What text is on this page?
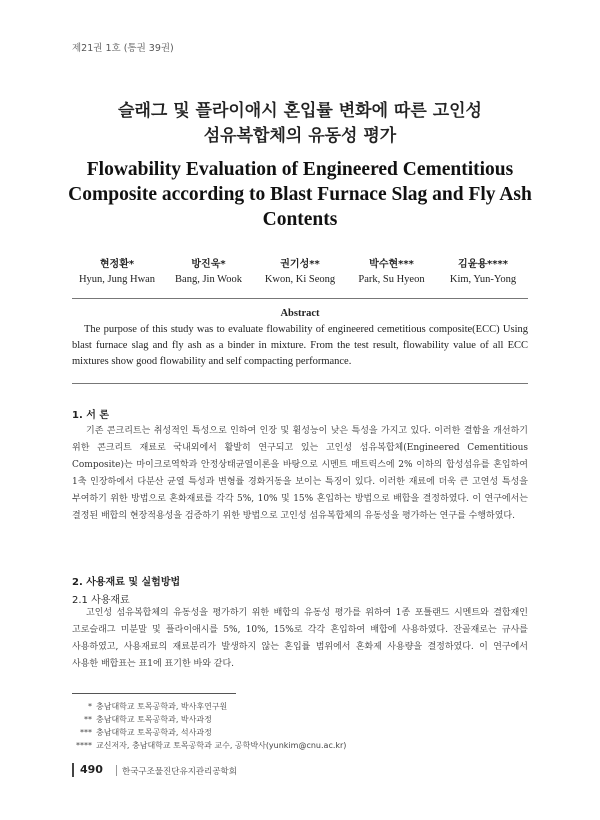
제21권 1호 (통권 39권)
슬래그 및 플라이애시 혼입률 변화에 따른 고인성
섬유복합체의 유동성 평가
Flowability Evaluation of Engineered Cementitious
Composite according to Blast Furnace Slag and Fly Ash
Contents
현정환*
Hyun, Jung Hwan
방진욱*
Bang, Jin Wook
권기성**
Kwon, Ki Seong
박수현***
Park, Su Hyeon
김윤용****
Kim, Yun-Yong
Abstract
The purpose of this study was to evaluate flowability of engineered cemetitious composite(ECC) Using blast furnace slag and fly ash as a binder in mixture. From the test result, flowability value of all ECC mixtures show good flowability and self compacting performance.
1. 서 론
기존 콘크리트는 취성적인 특성으로 인하여 인장 및 휨성능이 낮은 특성을 가지고 있다. 이러한 결함을 개선하기 위한 콘크리트 재료로 국내외에서 활발히 연구되고 있는 고인성 섬유복합체(Engineered Cementitious Composite)는 마이크로역학과 안정상태균열이론을 바탕으로 시멘트 매트릭스에 2% 이하의 합성섬유를 혼입하여 1축 인장하에서 다분산 균열 특성과 변형률 경화거동을 보이는 특징이 있다. 이러한 재료에 더욱 큰 고연성 특성을 부여하기 위한 방법으로 혼화재료를 각각 5%, 10% 및 15% 혼입하는 방법으로 배합을 결정하였다. 이 연구에서는 결정된 배합의 현장적용성을 검증하기 위한 방법으로 고인성 섬유복합체의 유동성을 평가하는 연구를 수행하였다.
2. 사용재료 및 실험방법
2.1 사용재료
고인성 섬유복합체의 유동성을 평가하기 위한 배합의 유동성 평가를 위하여 1종 포틀랜드 시멘트와 결합재인 고로슬래그 미분말 및 플라이애시를 5%, 10%, 15%로 각각 혼입하여 배합에 사용하였다. 잔골재로는 규사를 사용하였고, 사용재료의 재료분리가 발생하지 않는 혼입률 범위에서 혼화제 사용량을 결정하였다. 이 연구에서 사용한 배합표는 표1에 표기한 바와 같다.
* 충남대학교 토목공학과, 박사후연구원
** 충남대학교 토목공학과, 박사과정
*** 충남대학교 토목공학과, 석사과정
**** 교신저자, 충남대학교 토목공학과 교수, 공학박사(yunkim@cnu.ac.kr)
490 한국구조물진단유지관리공학회
